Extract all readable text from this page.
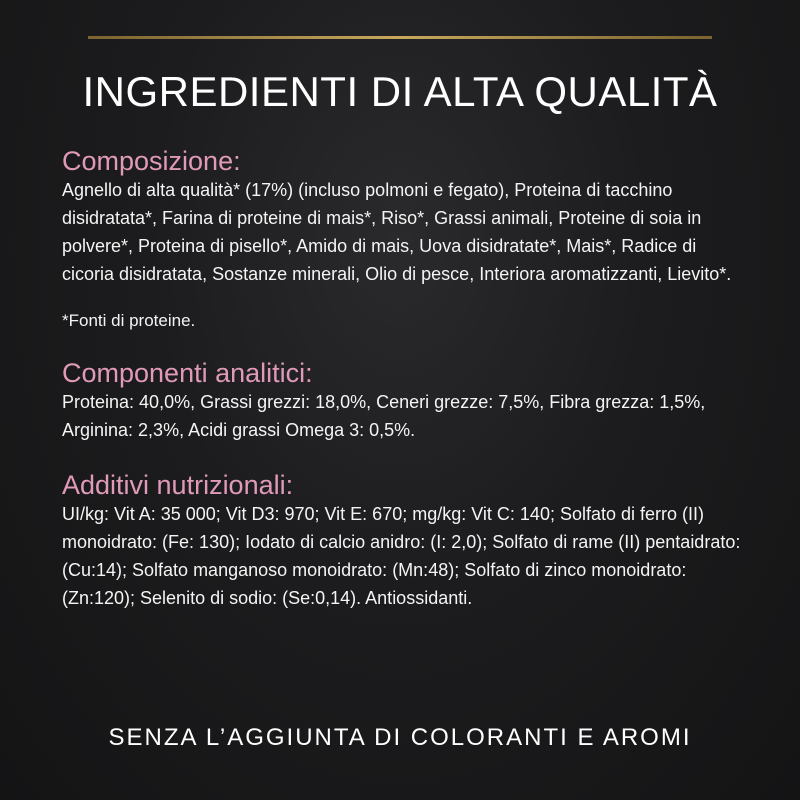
INGREDIENTI DI ALTA QUALITÀ
Composizione:

Agnello di alta qualità* (17%) (incluso polmoni e fegato), Proteina di tacchino disidratata*, Farina di proteine di mais*, Riso*, Grassi animali, Proteine di soia in polvere*, Proteina di pisello*, Amido di mais, Uova disidratate*, Mais*, Radice di cicoria disidratata, Sostanze minerali, Olio di pesce, Interiora aromatizzanti, Lievito*.

*Fonti di proteine.

Componenti analitici:

Proteina: 40,0%, Grassi grezzi: 18,0%, Ceneri grezze: 7,5%, Fibra grezza: 1,5%, Arginina: 2,3%, Acidi grassi Omega 3: 0,5%.

Additivi nutrizionali:

UI/kg: Vit A: 35 000; Vit D3: 970; Vit E: 670; mg/kg: Vit C: 140; Solfato di ferro (II) monoidrato: (Fe: 130); Iodato di calcio anidro: (I: 2,0); Solfato di rame (II) pentaidrato: (Cu:14); Solfato manganoso monoidrato: (Mn:48); Solfato di zinco monoidrato: (Zn:120); Selenito di sodio: (Se:0,14). Antiossidanti.

SENZA L’AGGIUNTA DI COLORANTI E AROMI
